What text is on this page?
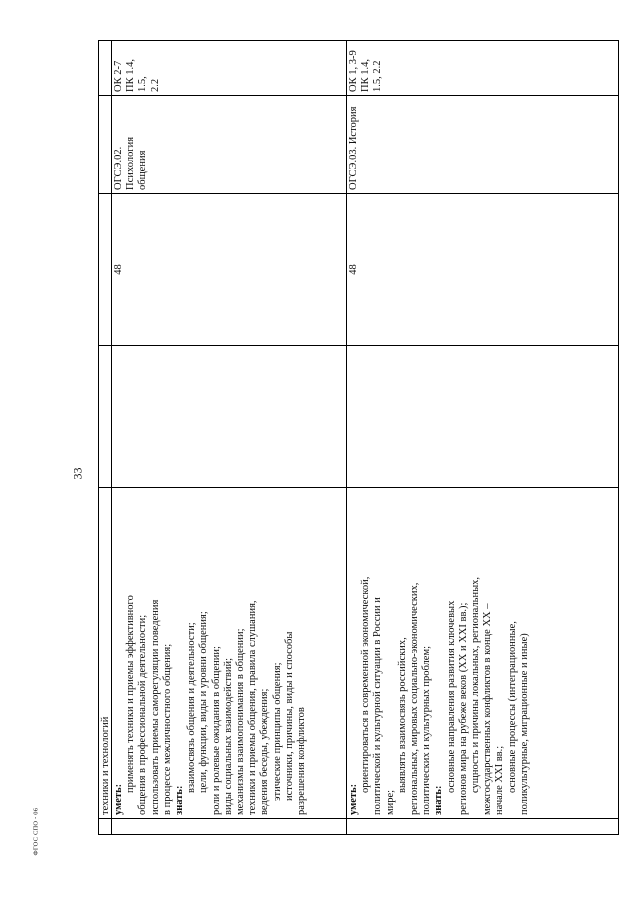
33
ФГОС СПО - 06
техники и технологий уметь:
применять техники и приемы эффективного общения в профессиональной деятельности; использовать приемы саморегуляции поведения в процессе межличностного общения; знать:
взаимосвязь общения и деятельности; цели, функции, виды и уровни общения; роли и ролевые ожидания в общении; виды социальных взаимодействий; механизмы взаимопонимания в общении; техники и приемы общения, правила слушания, ведения беседы, убеждения; этические принципы общения; источники, причины, виды и способы разрешения конфликтов
48
ОГСЭ.02. Психология общения
ОК 2-7 ПК 1.4, 1.5, 2.2
уметь:
ориентироваться в современной экономической, политической и культурной ситуации в России и мире;
выявлять взаимосвязь российских, региональных, мировых социально-экономических, политических и культурных проблем; знать:
основные направления развития ключевых регионов мира на рубеже веков (XX и XXI вв.); сущность и причины локальных, региональных, межгосударственных конфликтов в конце XX – начале XXI вв.; основные процессы (интеграционные, поликультурные, миграционные и иные)
48
ОГСЭ.03. История
ОК 1, 3-9 ПК 1.4, 1.5, 2.2
